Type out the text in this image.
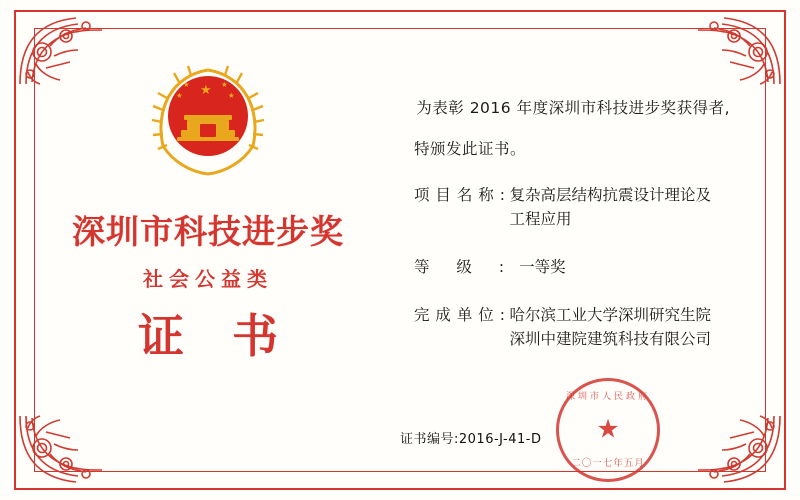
★
★
★
★
★
深圳市科技进步奖
社会公益类
证 书
为表彰 2016 年度深圳市科技进步奖获得者,
特颁发此证书。
项 目 名 称 : 复杂高层结构抗震设计理论及
工程应用
等 级 : 一等奖
完 成 单 位 : 哈尔滨工业大学深圳研究生院
深圳中建院建筑科技有限公司
深圳市人民政府
★
二〇一七年五月
证书编号:2016-J-41-D
